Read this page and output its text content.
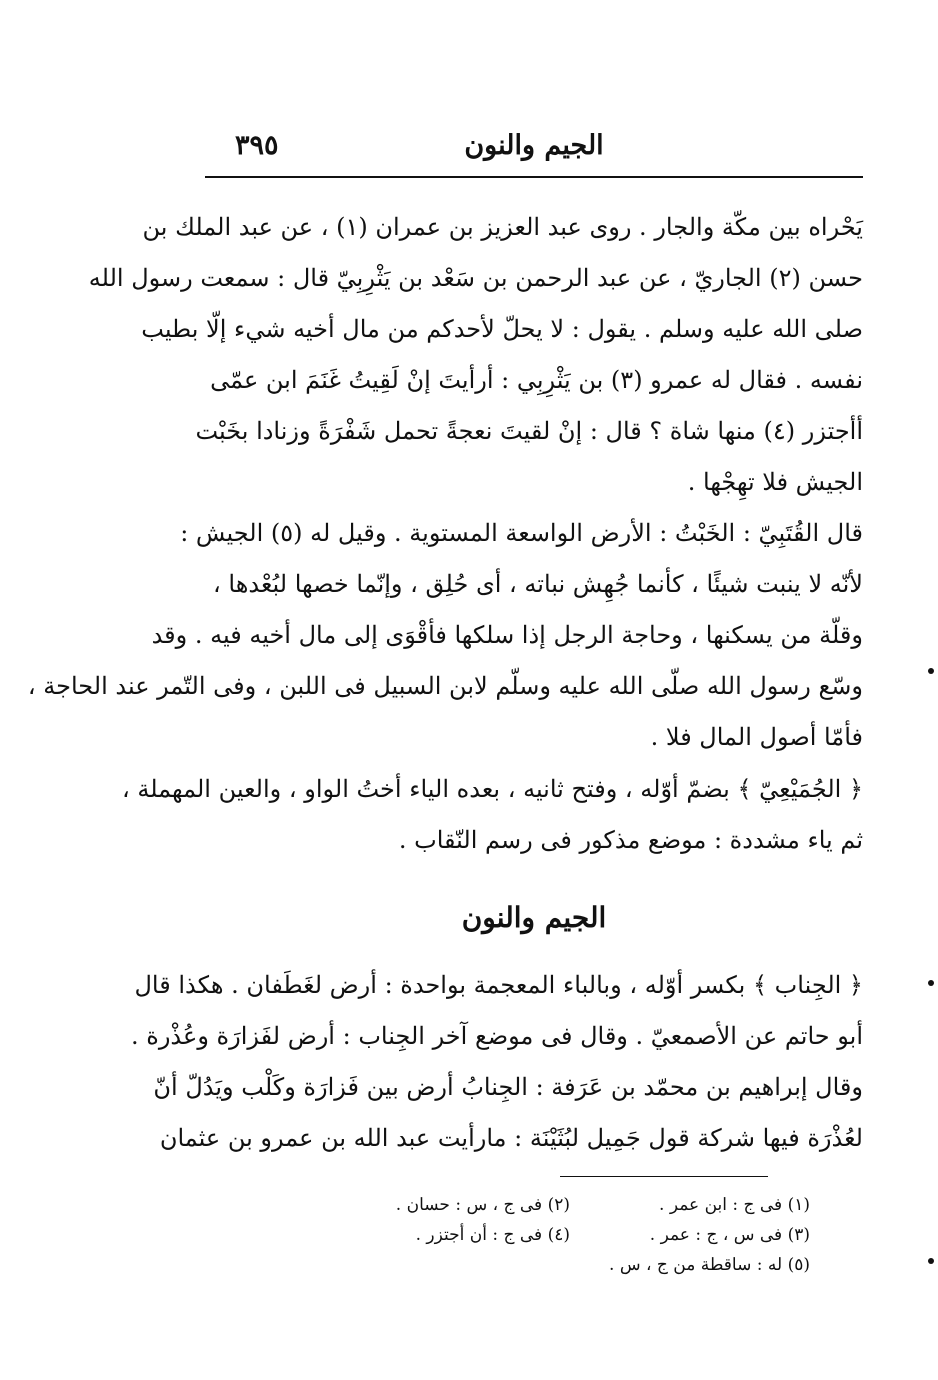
الجيم والنون
٣٩٥
يَحْراه بين مكّة والجار . روى عبد العزيز بن عمران (١) ، عن عبد الملك بن
حسن (٢) الجاريّ ، عن عبد الرحمن بن سَعْد بن يَثْرِبِيّ قال : سمعت رسول الله
صلى الله عليه وسلم . يقول : لا يحلّ لأحدكم من مال أخيه شيء إلّا بطيب
نفسه . فقال له عمرو (٣) بن يَثْرِبِي : أرأيتَ إنْ لَقِيتُ غَنَمَ ابن عمّى
أأجتزر (٤) منها شاة ؟ قال : إنْ لقيتَ نعجةً تحمل شَفْرَةً وزنادا بخَبْت
الجيش فلا تهِجْها .
قال القُتَبِيّ : الخَبْتُ : الأرض الواسعة المستوية . وقيل له (٥) الجيش :
لأنّه لا ينبت شيئًا ، كأنما جُهِش نباته ، أى حُلِق ، وإنّما خصها لبُعْدها ،
وقلّة من يسكنها ، وحاجة الرجل إذا سلكها فأقْوَى إلى مال أخيه فيه . وقد
وسّع رسول الله صلّى الله عليه وسلّم لابن السبيل فى اللبن ، وفى التّمر عند الحاجة ،
فأمّا أصول المال فلا .
﴿ الجُمَيْعِيّ ﴾ بضمّ أوّله ، وفتح ثانيه ، بعده الياء أختُ الواو ، والعين المهملة ،
ثم ياء مشددة : موضع مذكور فى رسم النّقاب .
الجيم والنون
﴿ الجِناب ﴾ بكسر أوّله ، وبالباء المعجمة بواحدة : أرض لغَطَفان . هكذا قال
أبو حاتم عن الأصمعيّ . وقال فى موضع آخر الجِناب : أرض لفَزارَة وعُذْرة .
وقال إبراهيم بن محمّد بن عَرَفة : الجِنابُ أرض بين فَزارَة وكَلْب ويَدُلّ أنّ
لعُذْرَة فيها شركة قول جَمِيل لبُثَيْنَة : مارأيت عبد الله بن عمرو بن عثمان
(١) فى ج : ابن عمر .
(٢) فى ج ، س : حسان .
(٣) فى س ، ج : عمر .
(٤) فى ج : أن أجتزر .
(٥) له : ساقطة من ج ، س .
